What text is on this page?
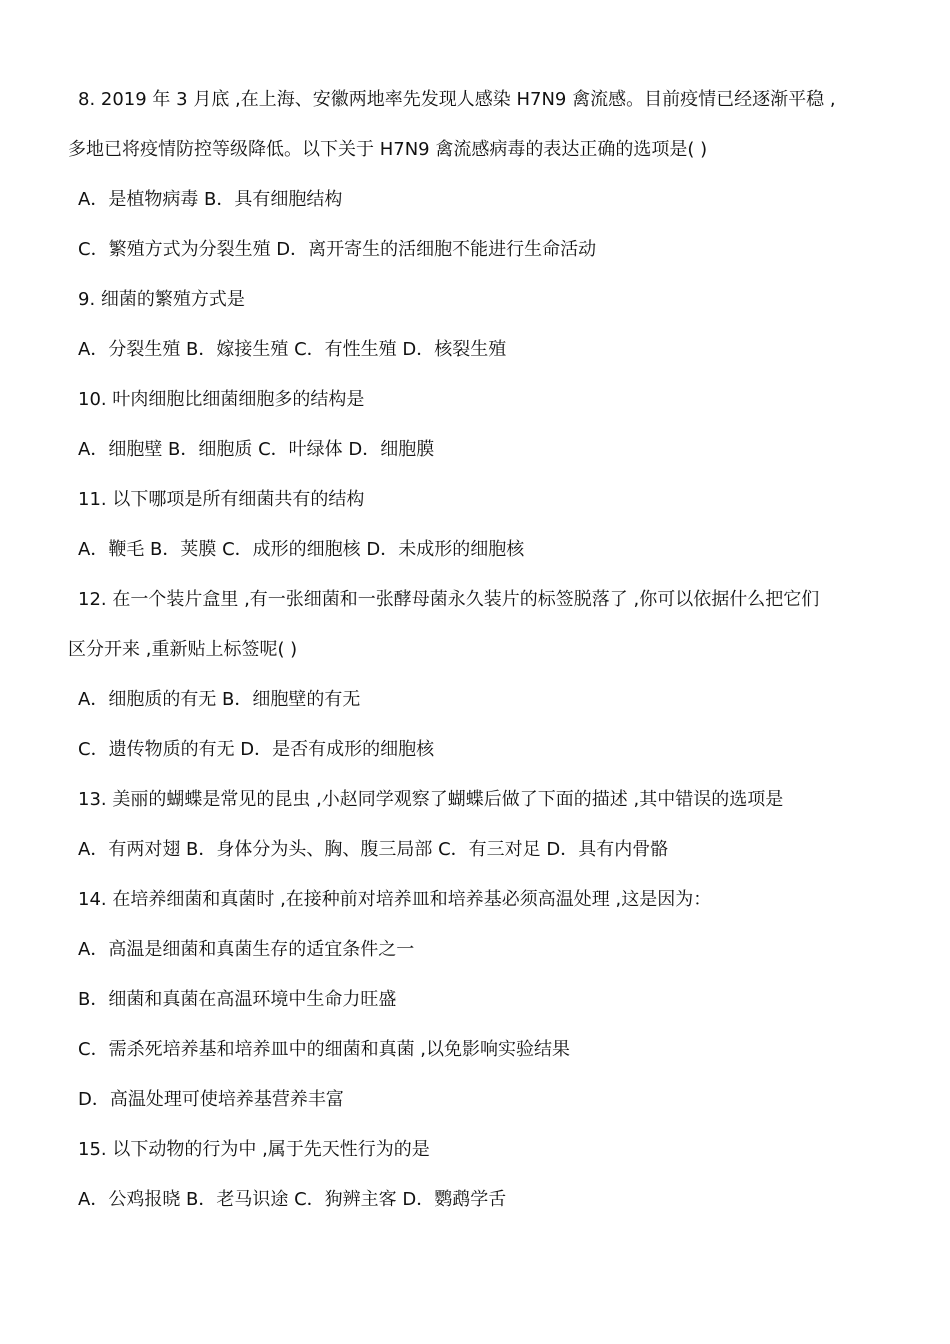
8. 2019 年 3 月底 ,在上海、安徽两地率先发现人感染 H7N9 禽流感。目前疫情已经逐渐平稳 ,
多地已将疫情防控等级降低。以下关于 H7N9 禽流感病毒的表达正确的选项是( )
A．是植物病毒 B．具有细胞结构
C．繁殖方式为分裂生殖 D．离开寄生的活细胞不能进行生命活动
9. 细菌的繁殖方式是
A．分裂生殖 B．嫁接生殖 C．有性生殖 D．核裂生殖
10. 叶肉细胞比细菌细胞多的结构是
A．细胞壁 B．细胞质 C．叶绿体 D．细胞膜
11. 以下哪项是所有细菌共有的结构
A．鞭毛 B．荚膜 C．成形的细胞核 D．未成形的细胞核
12. 在一个装片盒里 ,有一张细菌和一张酵母菌永久装片的标签脱落了 ,你可以依据什么把它们
区分开来 ,重新贴上标签呢( )
A．细胞质的有无 B．细胞壁的有无
C．遗传物质的有无 D．是否有成形的细胞核
13. 美丽的蝴蝶是常见的昆虫 ,小赵同学观察了蝴蝶后做了下面的描述 ,其中错误的选项是
A．有两对翅 B．身体分为头、胸、腹三局部 C．有三对足 D．具有内骨骼
14. 在培养细菌和真菌时 ,在接种前对培养皿和培养基必须高温处理 ,这是因为：
A．高温是细菌和真菌生存的适宜条件之一
B．细菌和真菌在高温环境中生命力旺盛
C．需杀死培养基和培养皿中的细菌和真菌 ,以免影响实验结果
D．高温处理可使培养基营养丰富
15. 以下动物的行为中 ,属于先天性行为的是
A．公鸡报晓 B．老马识途 C．狗辨主客 D．鹦鹉学舌
